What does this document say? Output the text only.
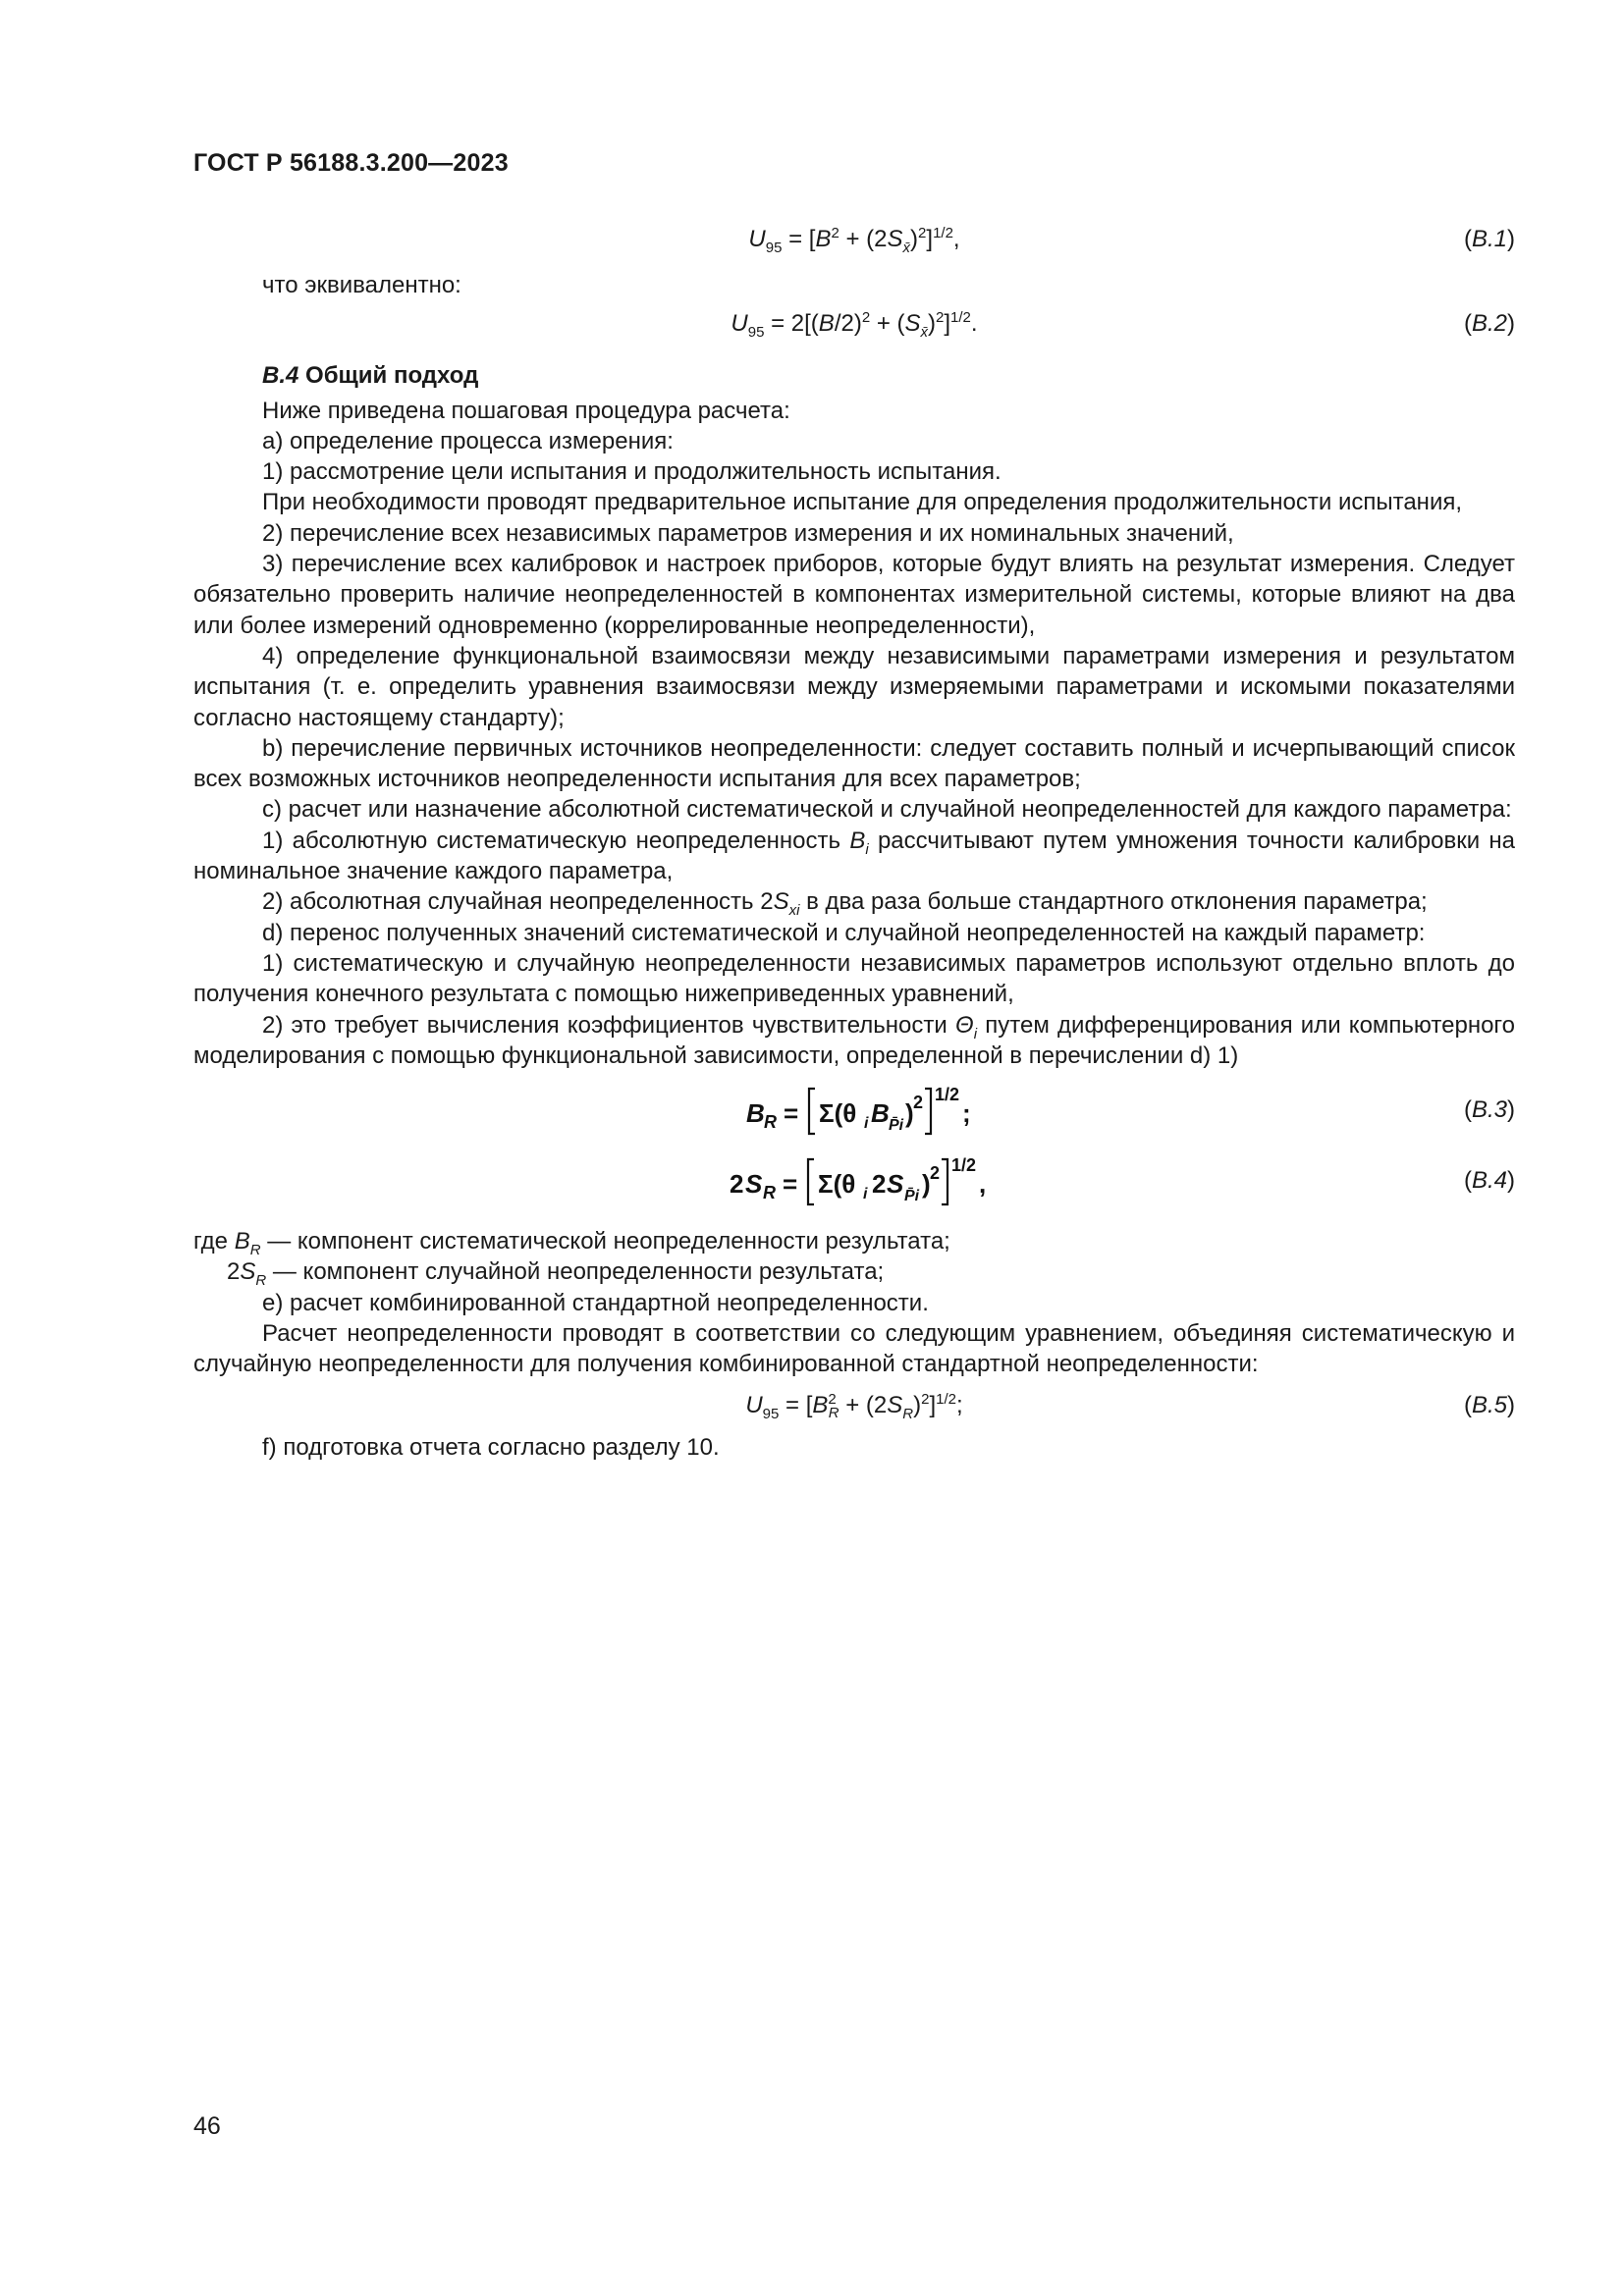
ГОСТ Р 56188.3.200—2023
$U_{95} = [B^2 + (2S_{x̄})^2]^{1/2}$,	(B.1)

что эквивалентно:

$U_{95} = 2[(B/2)^2 + (S_{x̄})^2]^{1/2}$.	(B.2)

B.4 Общий подход

Ниже приведена пошаговая процедура расчета:

а) определение процесса измерения:

1) рассмотрение цели испытания и продолжительность испытания.

При необходимости проводят предварительное испытание для определения продолжительности испытания,

2) перечисление всех независимых параметров измерения и их номинальных значений,

3) перечисление всех калибровок и настроек приборов, которые будут влиять на результат измерения. Следует обязательно проверить наличие неопределенностей в компонентах измерительной системы, которые влияют на два или более измерений одновременно (коррелированные неопределенности),

4) определение функциональной взаимосвязи между независимыми параметрами измерения и результатом испытания (т. е. определить уравнения взаимосвязи между измеряемыми параметрами и искомыми показателями согласно настоящему стандарту);

b) перечисление первичных источников неопределенности: следует составить полный и исчерпывающий список всех возможных источников неопределенности испытания для всех параметров;

с) расчет или назначение абсолютной систематической и случайной неопределенностей для каждого параметра:

1) абсолютную систематическую неопределенность $B_i$ рассчитывают путем умножения точности калибровки на номинальное значение каждого параметра,

2) абсолютная случайная неопределенность $2S_{xi}$ в два раза больше стандартного отклонения параметра;

d) перенос полученных значений систематической и случайной неопределенностей на каждый параметр:

1) систематическую и случайную неопределенности независимых параметров используют отдельно вплоть до получения конечного результата с помощью нижеприведенных уравнений,

2) это требует вычисления коэффициентов чувствительности $\Theta_i$ путем дифференцирования или компьютерного моделирования с помощью функциональной зависимости, определенной в перечислении d) 1)

B R = Σ(θ i B P̄i ) 2 1/2
;	(B.3)
2 S R = Σ(θ i 2 S P̄i ) 2 1/2
,	(B.4)

где $B_R$ — компонент систематической неопределенности результата;

$2S_R$ — компонент случайной неопределенности результата;

е) расчет комбинированной стандартной неопределенности.

Расчет неопределенности проводят в соответствии со следующим уравнением, объединяя систематическую и случайную неопределенности для получения комбинированной стандартной неопределенности:

$U_{95} = [B^2_R + (2S_R)^2]^{1/2}$;	(B.5)

f) подготовка отчета согласно разделу 10.

46
